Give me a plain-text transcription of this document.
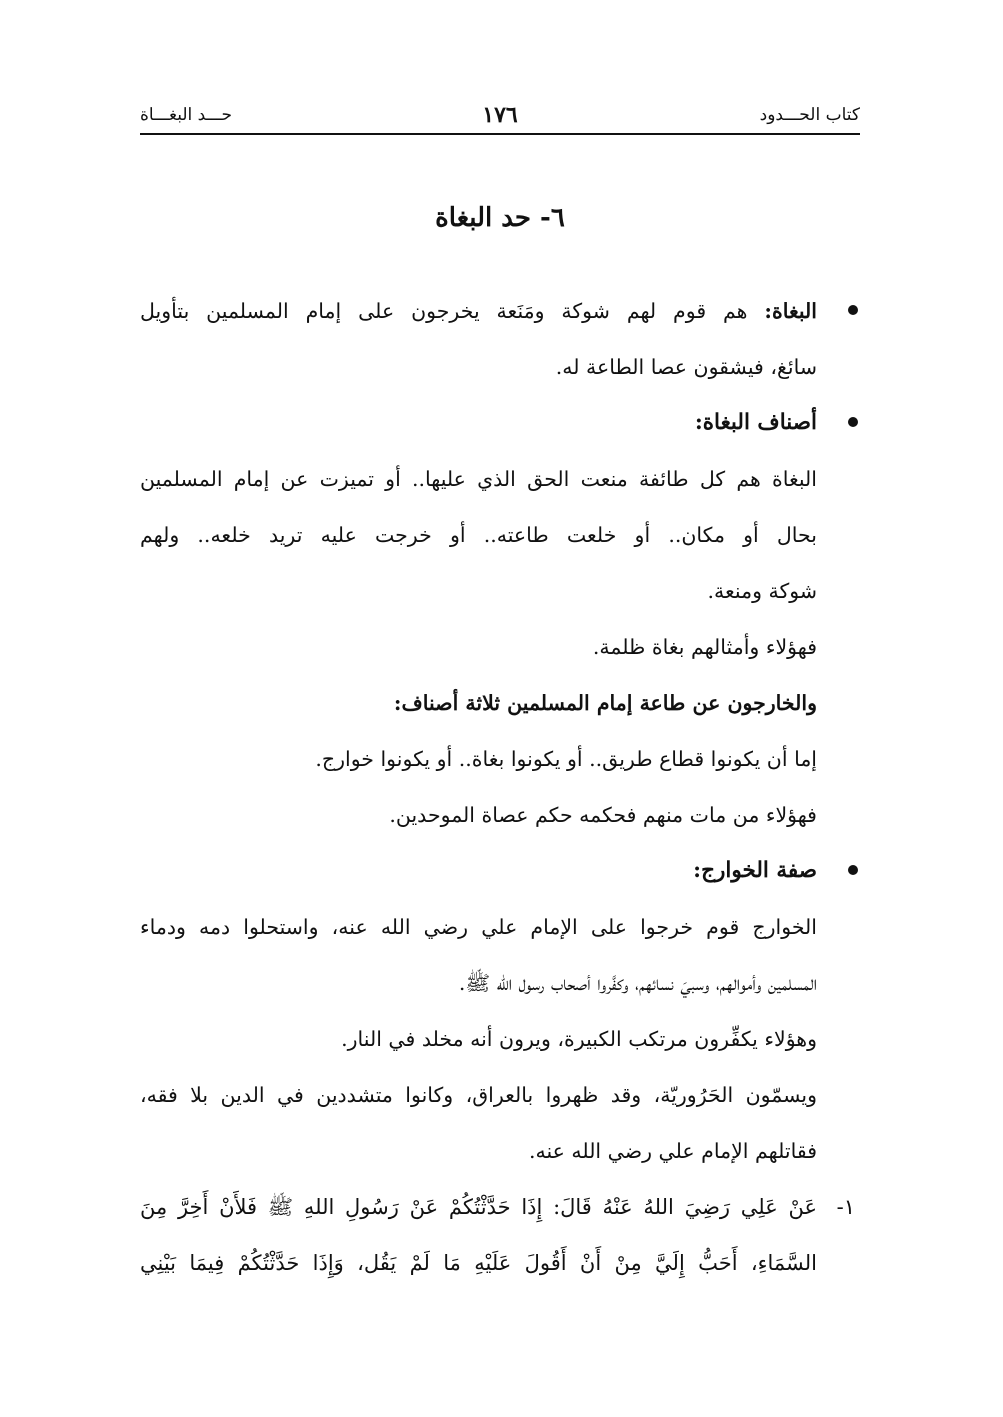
كتاب الحـــدود
١٧٦
حـــد البغـــاة
٦- حد البغاة
البغاة: هم قوم لهم شوكة ومَنَعة يخرجون على إمام المسلمين بتأويل
سائغ، فيشقون عصا الطاعة له.
أصناف البغاة:
البغاة هم كل طائفة منعت الحق الذي عليها.. أو تميزت عن إمام المسلمين
بحال أو مكان.. أو خلعت طاعته.. أو خرجت عليه تريد خلعه.. ولهم
شوكة ومنعة.
فهؤلاء وأمثالهم بغاة ظلمة.
والخارجون عن طاعة إمام المسلمين ثلاثة أصناف:
إما أن يكونوا قطاع طريق.. أو يكونوا بغاة.. أو يكونوا خوارج.
فهؤلاء من مات منهم فحكمه حكم عصاة الموحدين.
صفة الخوارج:
الخوارج قوم خرجوا على الإمام علي رضي الله عنه، واستحلوا دمه ودماء
المسلمين وأموالهم، وسبيَ نسائهم، وكفَّروا أصحاب رسول الله ﷺ.
وهؤلاء يكفِّرون مرتكب الكبيرة، ويرون أنه مخلد في النار.
ويسمّون الحَرُوريّة، وقد ظهروا بالعراق، وكانوا متشددين في الدين بلا فقه،
فقاتلهم الإمام علي رضي الله عنه.
١-
عَنْ عَلِي رَضِيَ اللهُ عَنْهُ قَالَ: إِذَا حَدَّثْتُكُمْ عَنْ رَسُولِ اللهِ ﷺ فَلأَنْ أَخِرَّ مِنَ
السَّمَاءِ، أَحَبُّ إِلَيَّ مِنْ أَنْ أَقُولَ عَلَيْهِ مَا لَمْ يَقُل، وَإِذَا حَدَّثْتُكُمْ فِيمَا بَيْنِي
